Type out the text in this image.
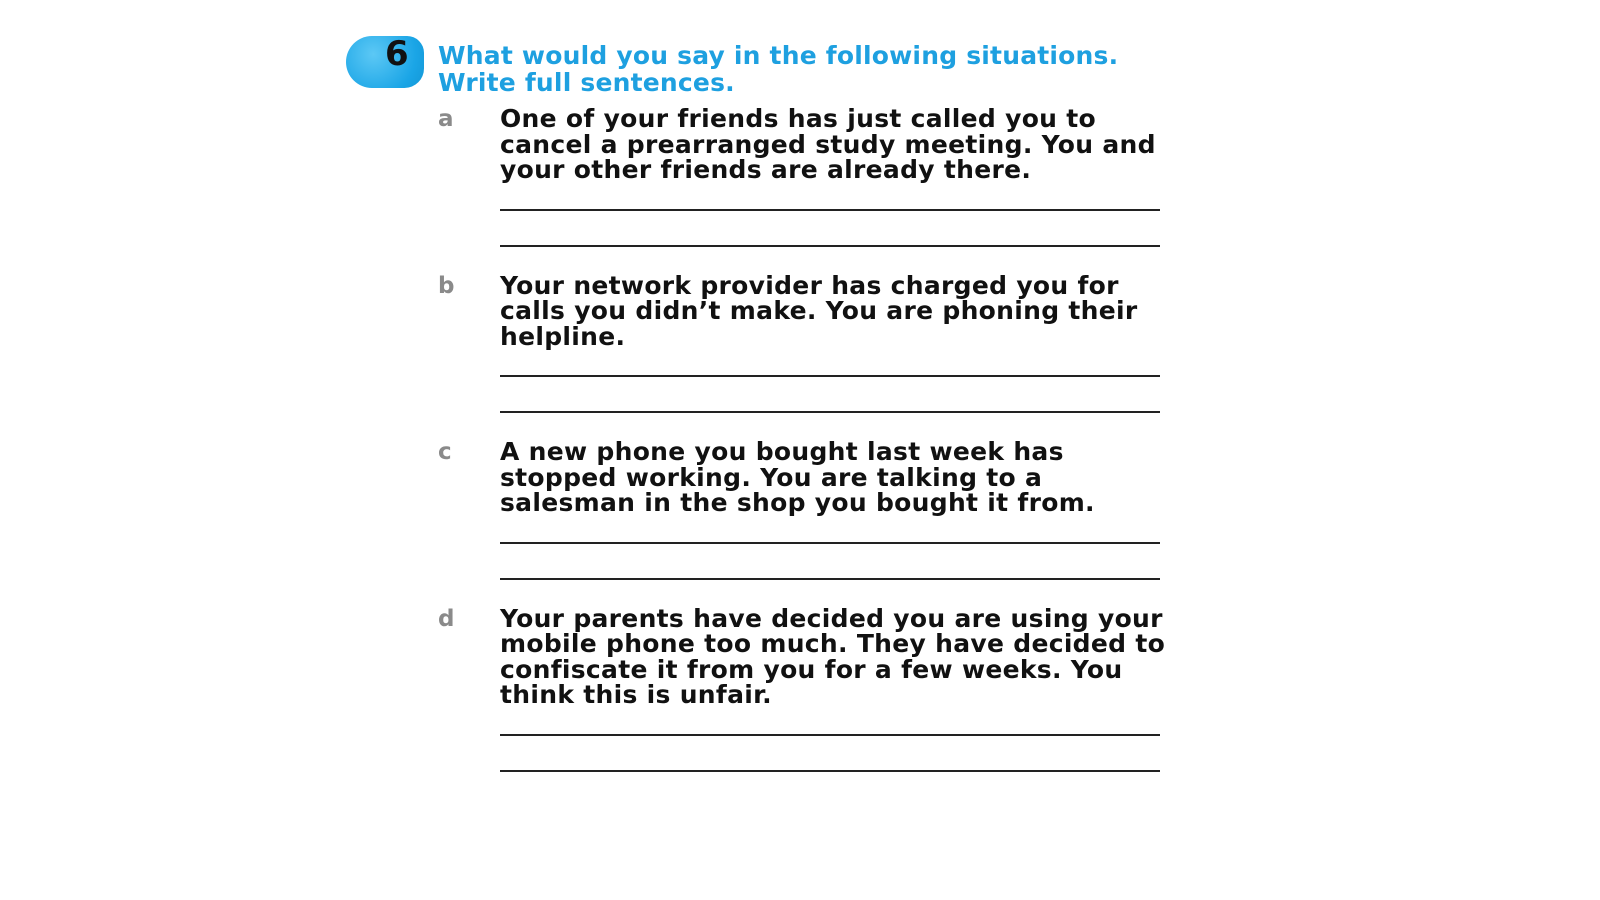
6 What would you say in the following situations. Write full sentences.
a One of your friends has just called you to cancel a prearranged study meeting. You and your other friends are already there.
b Your network provider has charged you for calls you didn’t make. You are phoning their helpline.
c A new phone you bought last week has stopped working. You are talking to a salesman in the shop you bought it from.
d Your parents have decided you are using your mobile phone too much. They have decided to confiscate it from you for a few weeks. You think this is unfair.
